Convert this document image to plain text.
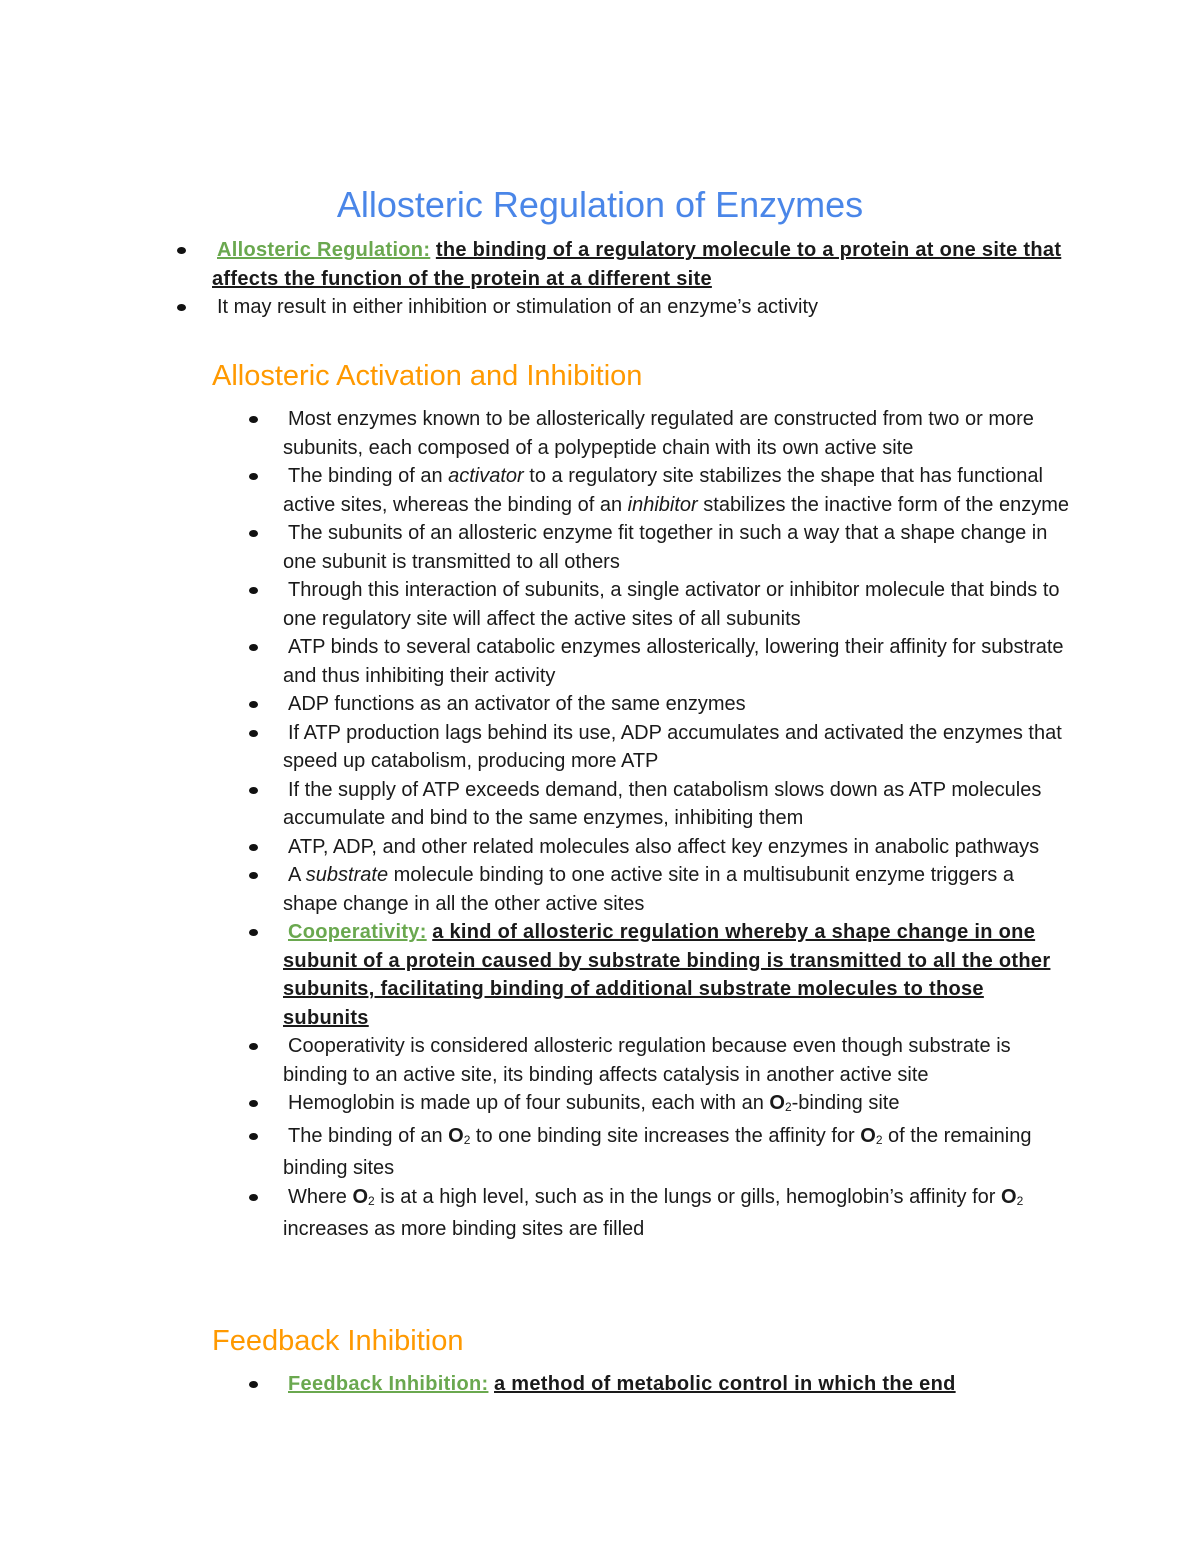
Allosteric Regulation of Enzymes
Allosteric Regulation: the binding of a regulatory molecule to a protein at one site that affects the function of the protein at a different site
It may result in either inhibition or stimulation of an enzyme’s activity
Allosteric Activation and Inhibition
Most enzymes known to be allosterically regulated are constructed from two or more subunits, each composed of a polypeptide chain with its own active site
The binding of an activator to a regulatory site stabilizes the shape that has functional active sites, whereas the binding of an inhibitor stabilizes the inactive form of the enzyme
The subunits of an allosteric enzyme fit together in such a way that a shape change in one subunit is transmitted to all others
Through this interaction of subunits, a single activator or inhibitor molecule that binds to one regulatory site will affect the active sites of all subunits
ATP binds to several catabolic enzymes allosterically, lowering their affinity for substrate and thus inhibiting their activity
ADP functions as an activator of the same enzymes
If ATP production lags behind its use, ADP accumulates and activated the enzymes that speed up catabolism, producing more ATP
If the supply of ATP exceeds demand, then catabolism slows down as ATP molecules accumulate and bind to the same enzymes, inhibiting them
ATP, ADP, and other related molecules also affect key enzymes in anabolic pathways
A substrate molecule binding to one active site in a multisubunit enzyme triggers a shape change in all the other active sites
Cooperativity: a kind of allosteric regulation whereby a shape change in one subunit of a protein caused by substrate binding is transmitted to all the other subunits, facilitating binding of additional substrate molecules to those subunits
Cooperativity is considered allosteric regulation because even though substrate is binding to an active site, its binding affects catalysis in another active site
Hemoglobin is made up of four subunits, each with an $O_2$-binding site
The binding of an $O_2$ to one binding site increases the affinity for $O_2$ of the remaining binding sites
Where $O_2$ is at a high level, such as in the lungs or gills, hemoglobin’s affinity for $O_2$ increases as more binding sites are filled
Feedback Inhibition
Feedback Inhibition: a method of metabolic control in which the end
